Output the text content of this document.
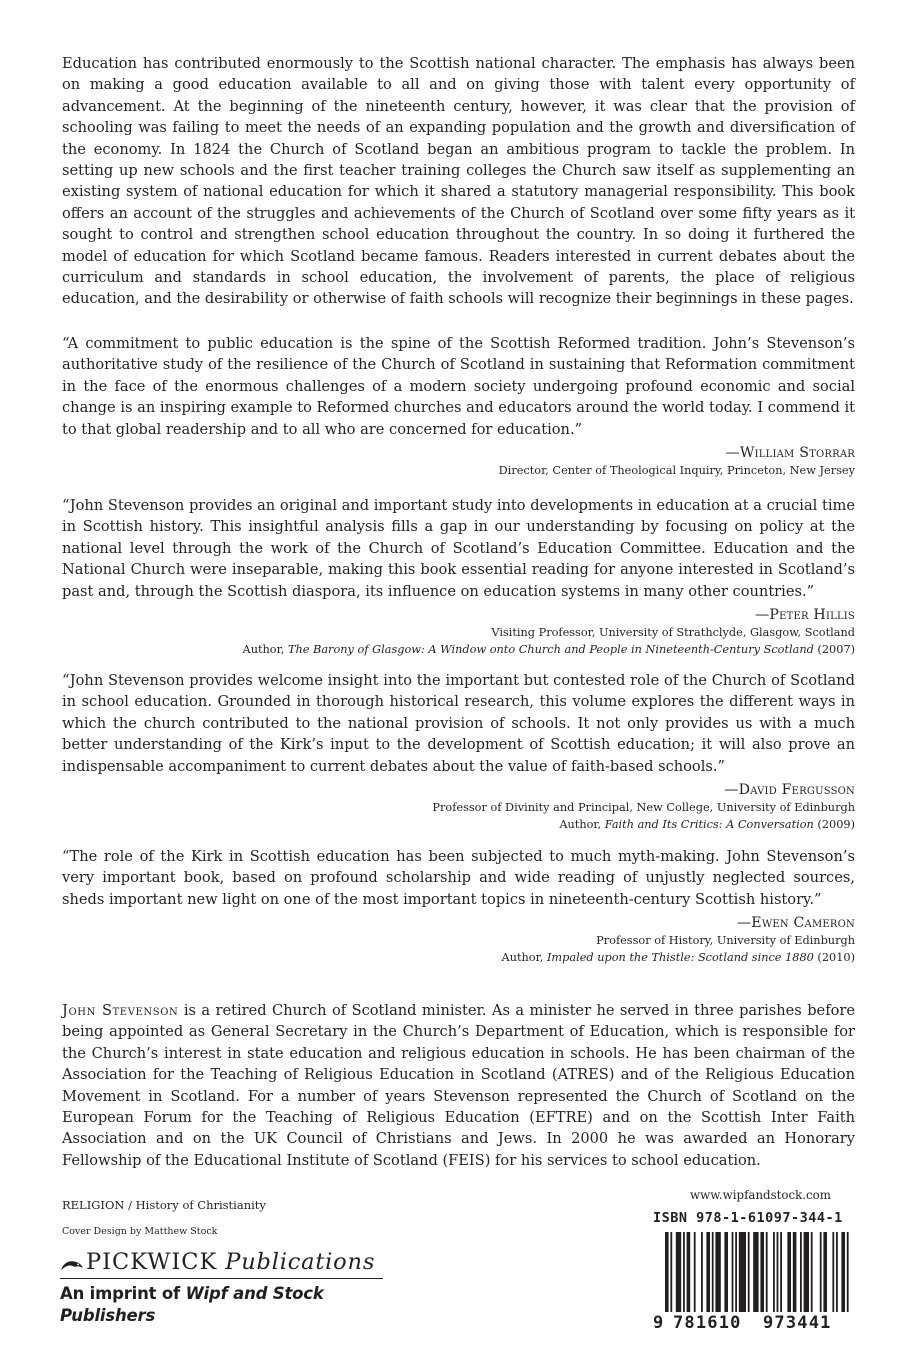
Education has contributed enormously to the Scottish national character. The emphasis has always been on making a good education available to all and on giving those with talent every opportunity of advancement. At the beginning of the nineteenth century, however, it was clear that the provision of schooling was failing to meet the needs of an expanding population and the growth and diversification of the economy. In 1824 the Church of Scotland began an ambitious program to tackle the problem. In setting up new schools and the first teacher training colleges the Church saw itself as supplementing an existing system of national education for which it shared a statutory managerial responsibility. This book offers an account of the struggles and achievements of the Church of Scotland over some fifty years as it sought to control and strengthen school education throughout the country. In so doing it furthered the model of education for which Scotland became famous. Readers interested in current debates about the curriculum and standards in school education, the involvement of parents, the place of religious education, and the desirability or otherwise of faith schools will recognize their beginnings in these pages.

“A commitment to public education is the spine of the Scottish Reformed tradition. John’s Stevenson’s authoritative study of the resilience of the Church of Scotland in sustaining that Reformation commitment in the face of the enormous challenges of a modern society undergoing profound economic and social change is an inspiring example to Reformed churches and educators around the world today. I commend it to that global readership and to all who are concerned for education.”

—William Storrar
Director, Center of Theological Inquiry, Princeton, New Jersey

“John Stevenson provides an original and important study into developments in education at a crucial time in Scottish history. This insightful analysis fills a gap in our understanding by focusing on policy at the national level through the work of the Church of Scotland’s Education Committee. Education and the National Church were inseparable, making this book essential reading for anyone interested in Scotland’s past and, through the Scottish diaspora, its influence on education systems in many other countries.”

—Peter Hillis
Visiting Professor, University of Strathclyde, Glasgow, Scotland
Author, The Barony of Glasgow: A Window onto Church and People in Nineteenth-Century Scotland (2007)

“John Stevenson provides welcome insight into the important but contested role of the Church of Scotland in school education. Grounded in thorough historical research, this volume explores the different ways in which the church contributed to the national provision of schools. It not only provides us with a much better understanding of the Kirk’s input to the development of Scottish education; it will also prove an indispensable accompaniment to current debates about the value of faith-based schools.”

—David Fergusson
Professor of Divinity and Principal, New College, University of Edinburgh
Author, Faith and Its Critics: A Conversation (2009)

“The role of the Kirk in Scottish education has been subjected to much myth-making. John Stevenson’s very important book, based on profound scholarship and wide reading of unjustly neglected sources, sheds important new light on one of the most important topics in nineteenth-century Scottish history.”

—Ewen Cameron
Professor of History, University of Edinburgh
Author, Impaled upon the Thistle: Scotland since 1880 (2010)

John Stevenson is a retired Church of Scotland minister. As a minister he served in three parishes before being appointed as General Secretary in the Church’s Department of Education, which is responsible for the Church’s interest in state education and religious education in schools. He has been chairman of the Association for the Teaching of Religious Education in Scotland (ATRES) and of the Religious Education Movement in Scotland. For a number of years Stevenson represented the Church of Scotland on the European Forum for the Teaching of Religious Education (EFTRE) and on the Scottish Inter Faith Association and on the UK Council of Christians and Jews. In 2000 he was awarded an Honorary Fellowship of the Educational Institute of Scotland (FEIS) for his services to school education.

RELIGION / History of Christianity
Cover Design by Matthew Stock
PICKWICK Publications
An imprint of Wipf and Stock Publishers
www.wipfandstock.com
ISBN 978-1-61097-344-1
9 781610 973441
